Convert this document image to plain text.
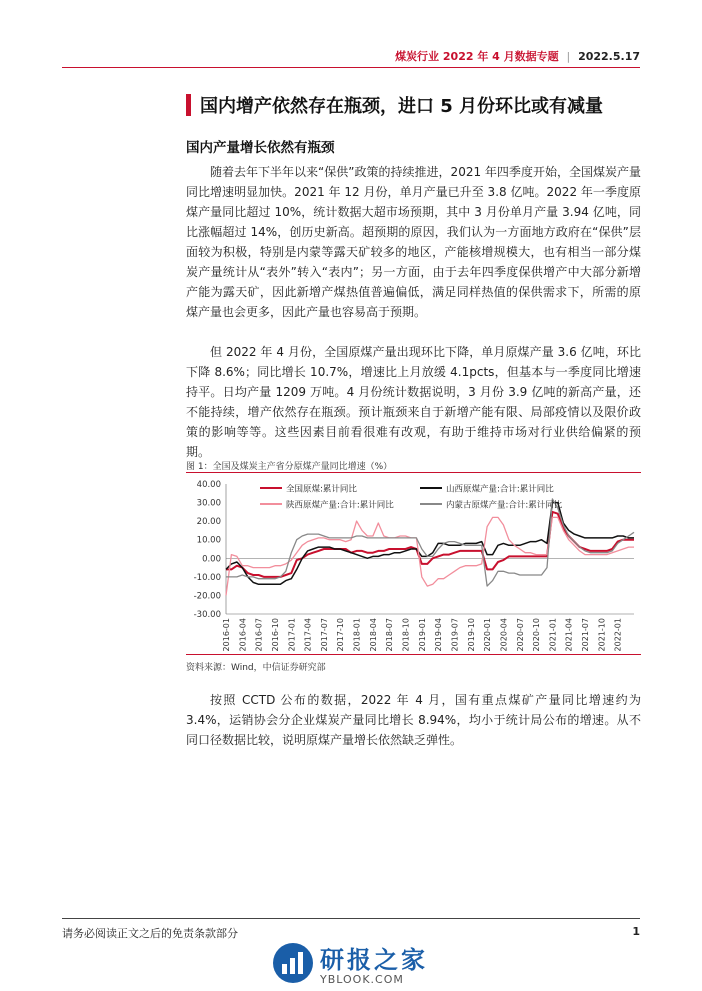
煤炭行业 2022 年 4 月数据专题 | 2022.5.17
国内增产依然存在瓶颈，进口 5 月份环比或有减量
国内产量增长依然有瓶颈

随着去年下半年以来“保供”政策的持续推进，2021 年四季度开始，全国煤炭产量同比增速明显加快。2021 年 12 月份，单月产量已升至 3.8 亿吨。2022 年一季度原煤产量同比超过 10%，统计数据大超市场预期，其中 3 月份单月产量 3.94 亿吨，同比涨幅超过 14%，创历史新高。超预期的原因，我们认为一方面地方政府在“保供”层面较为积极，特别是内蒙等露天矿较多的地区，产能核增规模大，也有相当一部分煤炭产量统计从“表外”转入“表内”；另一方面，由于去年四季度保供增产中大部分新增产能为露天矿，因此新增产煤热值普遍偏低，满足同样热值的保供需求下，所需的原煤产量也会更多，因此产量也容易高于预期。

但 2022 年 4 月份，全国原煤产量出现环比下降，单月原煤产量 3.6 亿吨，环比下降 8.6%；同比增长 10.7%，增速比上月放缓 4.1pcts，但基本与一季度同比增速持平。日均产量 1209 万吨。4 月份统计数据说明，3 月份 3.9 亿吨的新高产量，还不能持续，增产依然存在瓶颈。预计瓶颈来自于新增产能有限、局部疫情以及限价政策的影响等等。这些因素目前看很难有改观，有助于维持市场对行业供给偏紧的预期。

图 1：全国及煤炭主产省分原煤产量同比增速（%）
40.00
30.00
20.00
10.00
0.00
-10.00
-20.00
-30.00
2016-01 2016-04 2016-07 2016-10 2017-01 2017-04 2017-07 2017-10 2018-01 2018-04 2018-07 2018-10 2019-01 2019-04 2019-07 2019-10 2020-01 2020-04 2020-07 2020-10 2021-01 2021-04 2021-07 2021-10 2022-01
全国原煤:累计同比	山西原煤产量:合计:累计同比
陕西原煤产量:合计:累计同比	内蒙古原煤产量:合计:累计同比
资料来源：Wind，中信证券研究部

按照 CCTD 公布的数据，2022 年 4 月，国有重点煤矿产量同比增速约为 3.4%，运销协会分企业煤炭产量同比增长 8.94%，均小于统计局公布的增速。从不同口径数据比较，说明原煤产量增长依然缺乏弹性。

请务必阅读正文之后的免责条款部分	1
研报之家
YBLOOK.COM
